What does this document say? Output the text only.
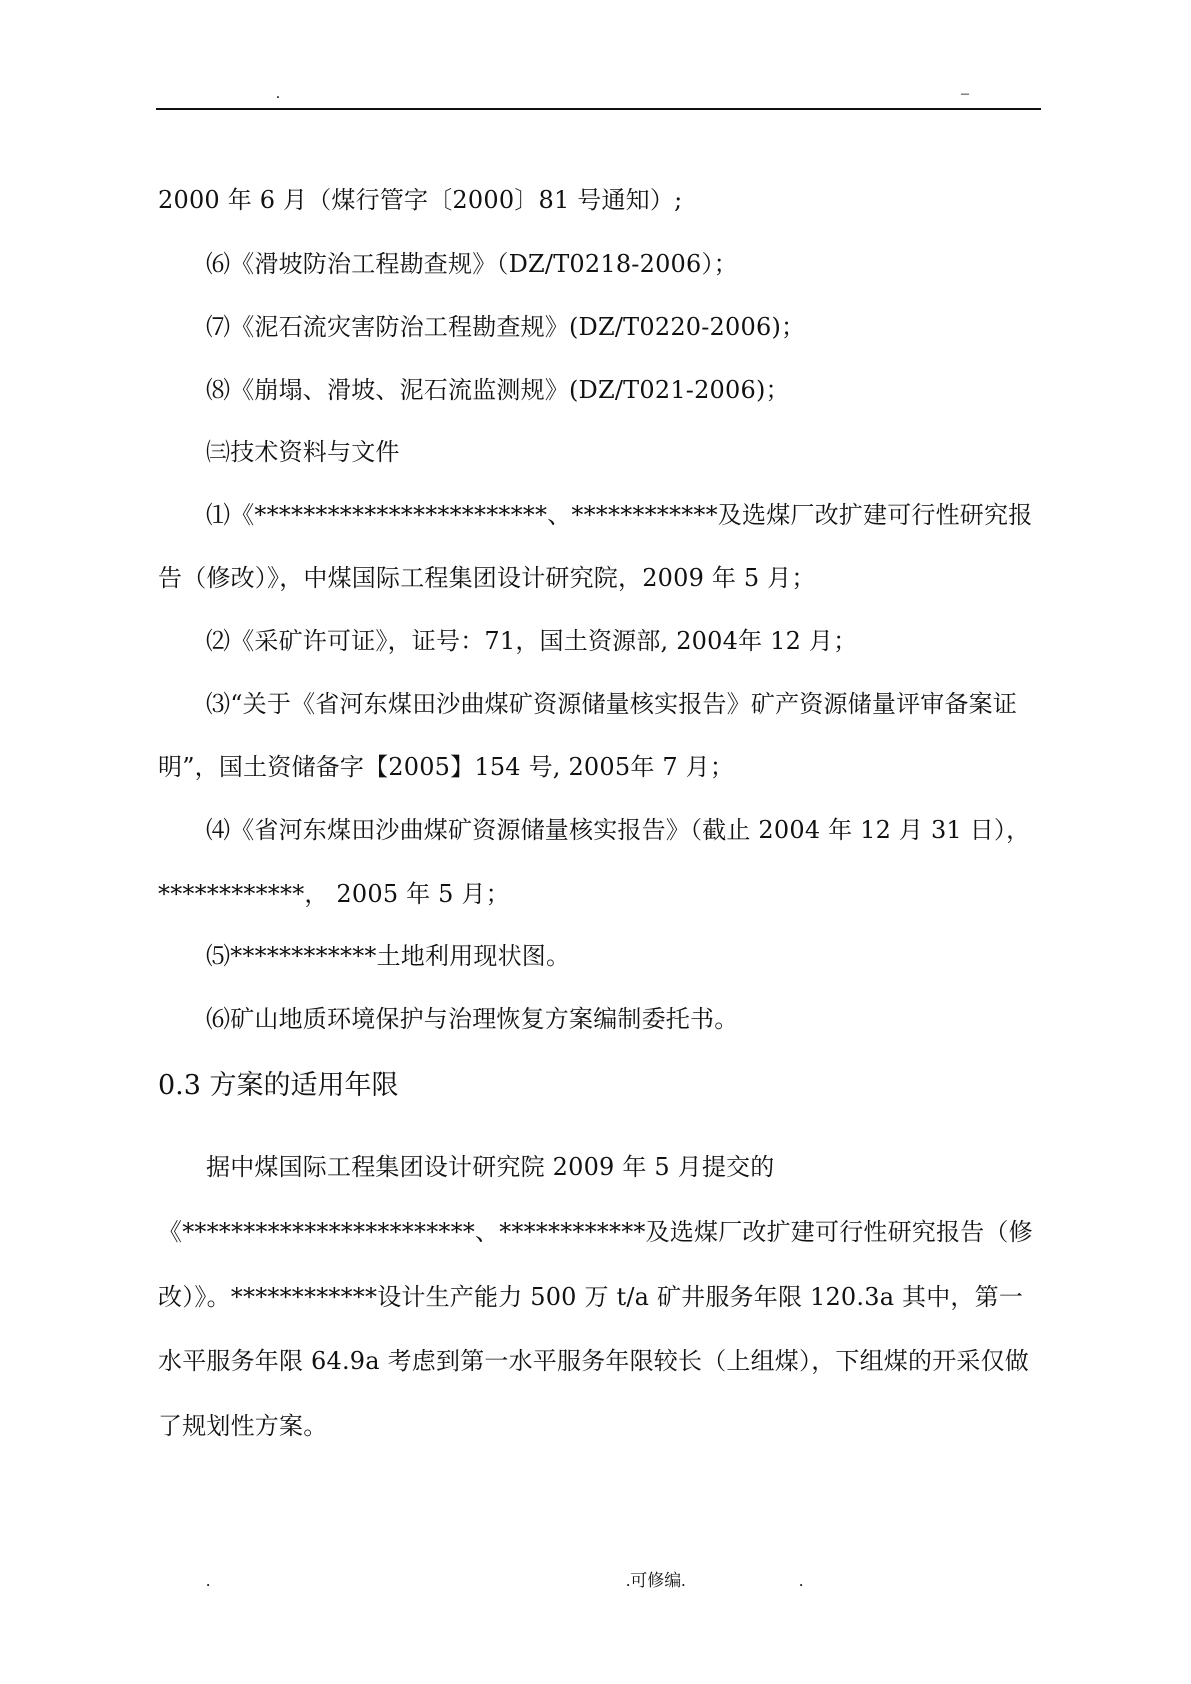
.	–
2000 年 6 月（煤行管字〔2000〕81 号通知）;
⑹《滑坡防治工程勘查规》（DZ/T0218-2006）；
⑺《泥石流灾害防治工程勘查规》(DZ/T0220-2006)；
⑻《崩塌、滑坡、泥石流监测规》(DZ/T021-2006)；
㈢技术资料与文件
⑴《************************、************及选煤厂改扩建可行性研究报
告（修改）》，中煤国际工程集团设计研究院，2009 年 5 月；
⑵《采矿许可证》，证号：71，国土资源部, 2004年 12 月；
⑶“关于《省河东煤田沙曲煤矿资源储量核实报告》矿产资源储量评审备案证
明”，国土资储备字【2005】154 号, 2005年 7 月；
⑷《省河东煤田沙曲煤矿资源储量核实报告》（截止 2004 年 12 月 31 日），
************， 2005 年 5 月；
⑸************土地利用现状图。
⑹矿山地质环境保护与治理恢复方案编制委托书。
0.3 方案的适用年限
据中煤国际工程集团设计研究院 2009 年 5 月提交的
《************************、************及选煤厂改扩建可行性研究报告（修
改）》。************设计生产能力 500 万 t/a 矿井服务年限 120.3a 其中，第一
水平服务年限 64.9a 考虑到第一水平服务年限较长（上组煤），下组煤的开采仅做
了规划性方案。
.	.可修编.	.
